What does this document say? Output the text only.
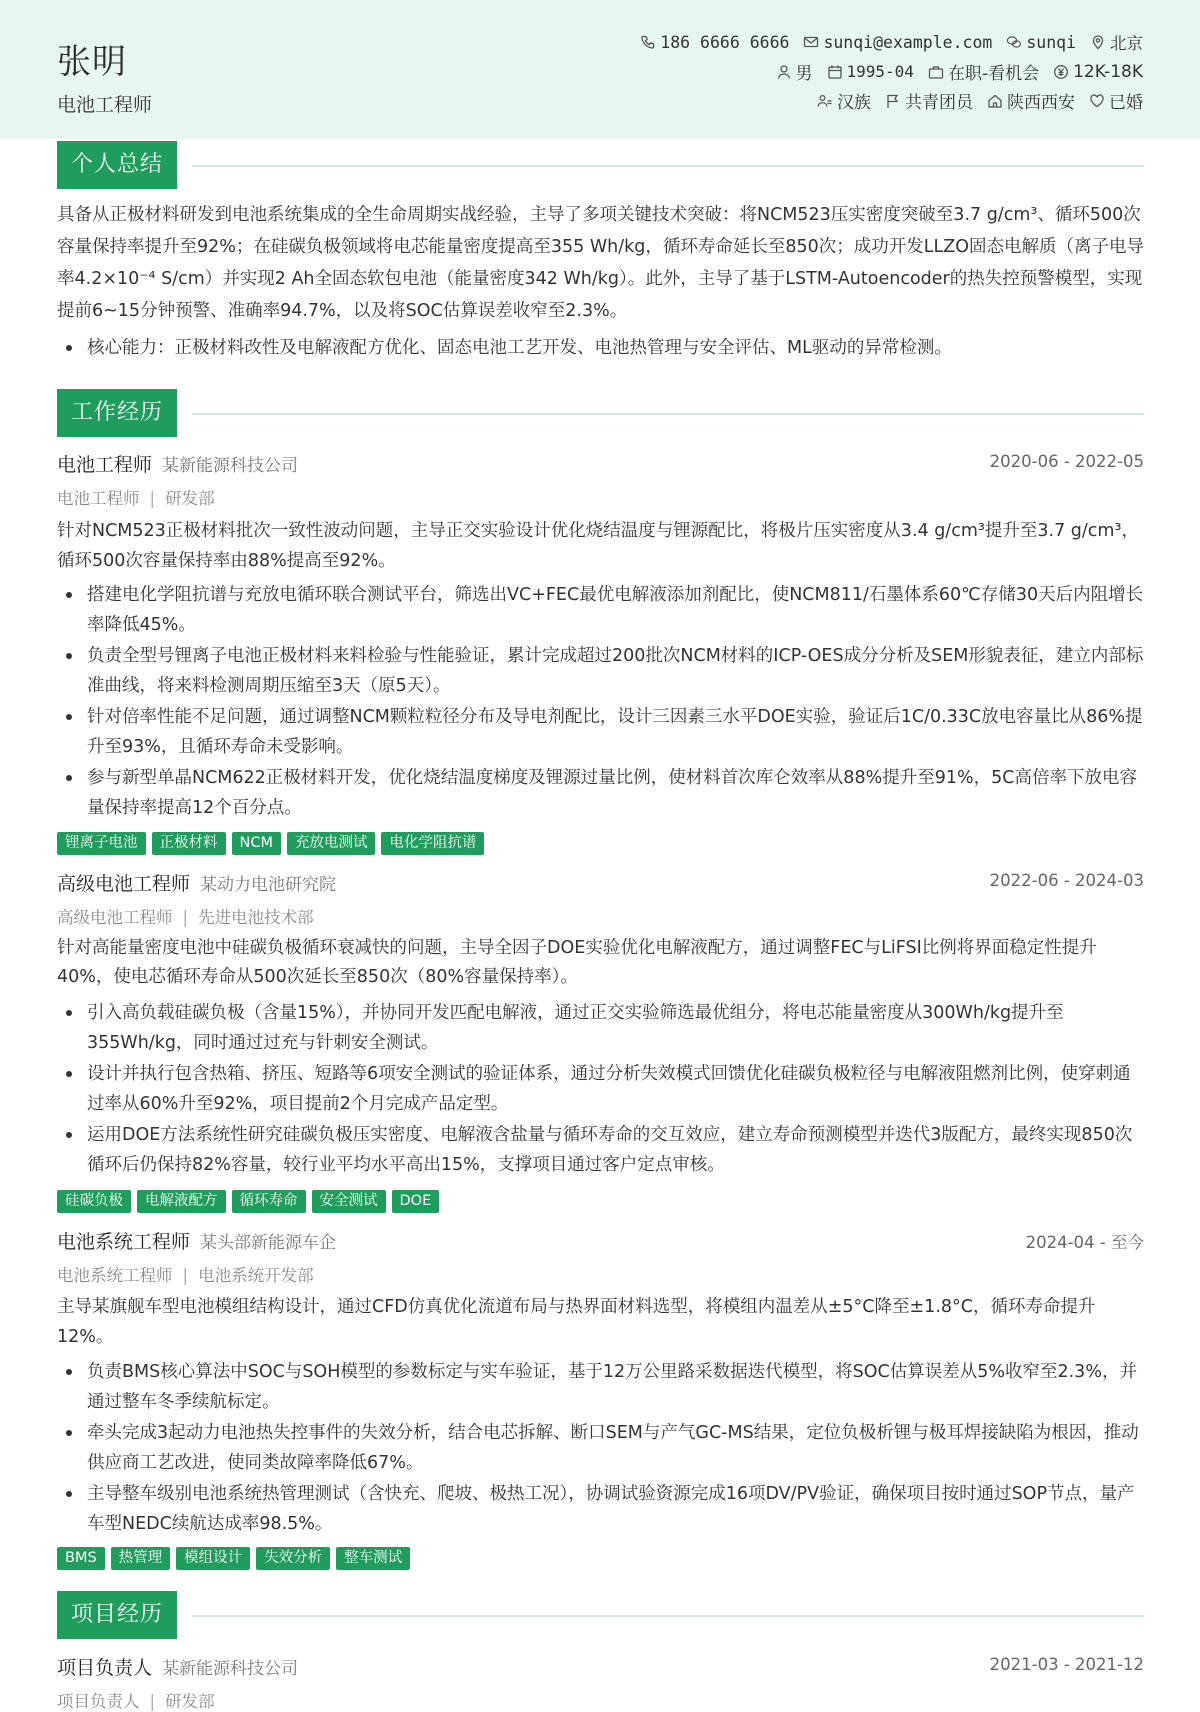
张明
电池工程师
186 6666 6666 sunqi@example.com sunqi 北京
男 1995-04 在职-看机会 12K-18K
汉族 共青团员 陕西西安 已婚
个人总结
具备从正极材料研发到电池系统集成的全生命周期实战经验，主导了多项关键技术突破：将NCM523压实密度突破至3.7 g/cm³、循环500次容量保持率提升至92%；在硅碳负极领域将电芯能量密度提高至355 Wh/kg，循环寿命延长至850次；成功开发LLZO固态电解质（离子电导率4.2×10⁻⁴ S/cm）并实现2 Ah全固态软包电池（能量密度342 Wh/kg）。此外，主导了基于LSTM-Autoencoder的热失控预警模型，实现提前6~15分钟预警、准确率94.7%，以及将SOC估算误差收窄至2.3%。
核心能力：正极材料改性及电解液配方优化、固态电池工艺开发、电池热管理与安全评估、ML驱动的异常检测。
工作经历
电池工程师 某新能源科技公司	2020-06 - 2022-05
电池工程师 | 研发部
针对NCM523正极材料批次一致性波动问题，主导正交实验设计优化烧结温度与锂源配比，将极片压实密度从3.4 g/cm³提升至3.7 g/cm³，循环500次容量保持率由88%提高至92%。
搭建电化学阻抗谱与充放电循环联合测试平台，筛选出VC+FEC最优电解液添加剂配比，使NCM811/石墨体系60℃存储30天后内阻增长率降低45%。
负责全型号锂离子电池正极材料来料检验与性能验证，累计完成超过200批次NCM材料的ICP-OES成分分析及SEM形貌表征，建立内部标准曲线，将来料检测周期压缩至3天（原5天）。
针对倍率性能不足问题，通过调整NCM颗粒粒径分布及导电剂配比，设计三因素三水平DOE实验，验证后1C/0.33C放电容量比从86%提升至93%，且循环寿命未受影响。
参与新型单晶NCM622正极材料开发，优化烧结温度梯度及锂源过量比例，使材料首次库仑效率从88%提升至91%，5C高倍率下放电容量保持率提高12个百分点。
锂离子电池	正极材料	NCM	充放电测试	电化学阻抗谱
高级电池工程师 某动力电池研究院	2022-06 - 2024-03
高级电池工程师 | 先进电池技术部
针对高能量密度电池中硅碳负极循环衰减快的问题，主导全因子DOE实验优化电解液配方，通过调整FEC与LiFSI比例将界面稳定性提升40%，使电芯循环寿命从500次延长至850次（80%容量保持率）。
引入高负载硅碳负极（含量15%），并协同开发匹配电解液，通过正交实验筛选最优组分，将电芯能量密度从300Wh/kg提升至355Wh/kg，同时通过过充与针刺安全测试。
设计并执行包含热箱、挤压、短路等6项安全测试的验证体系，通过分析失效模式回馈优化硅碳负极粒径与电解液阻燃剂比例，使穿刺通过率从60%升至92%，项目提前2个月完成产品定型。
运用DOE方法系统性研究硅碳负极压实密度、电解液含盐量与循环寿命的交互效应，建立寿命预测模型并迭代3版配方，最终实现850次循环后仍保持82%容量，较行业平均水平高出15%，支撑项目通过客户定点审核。
硅碳负极	电解液配方	循环寿命	安全测试	DOE
电池系统工程师 某头部新能源车企	2024-04 - 至今
电池系统工程师 | 电池系统开发部
主导某旗舰车型电池模组结构设计，通过CFD仿真优化流道布局与热界面材料选型，将模组内温差从±5°C降至±1.8°C，循环寿命提升12%。
负责BMS核心算法中SOC与SOH模型的参数标定与实车验证，基于12万公里路采数据迭代模型，将SOC估算误差从5%收窄至2.3%，并通过整车冬季续航标定。
牵头完成3起动力电池热失控事件的失效分析，结合电芯拆解、断口SEM与产气GC-MS结果，定位负极析锂与极耳焊接缺陷为根因，推动供应商工艺改进，使同类故障率降低67%。
主导整车级别电池系统热管理测试（含快充、爬坡、极热工况），协调试验资源完成16项DV/PV验证，确保项目按时通过SOP节点，量产车型NEDC续航达成率98.5%。
BMS	热管理	模组设计	失效分析	整车测试
项目经历
项目负责人 某新能源科技公司	2021-03 - 2021-12
项目负责人 | 研发部
